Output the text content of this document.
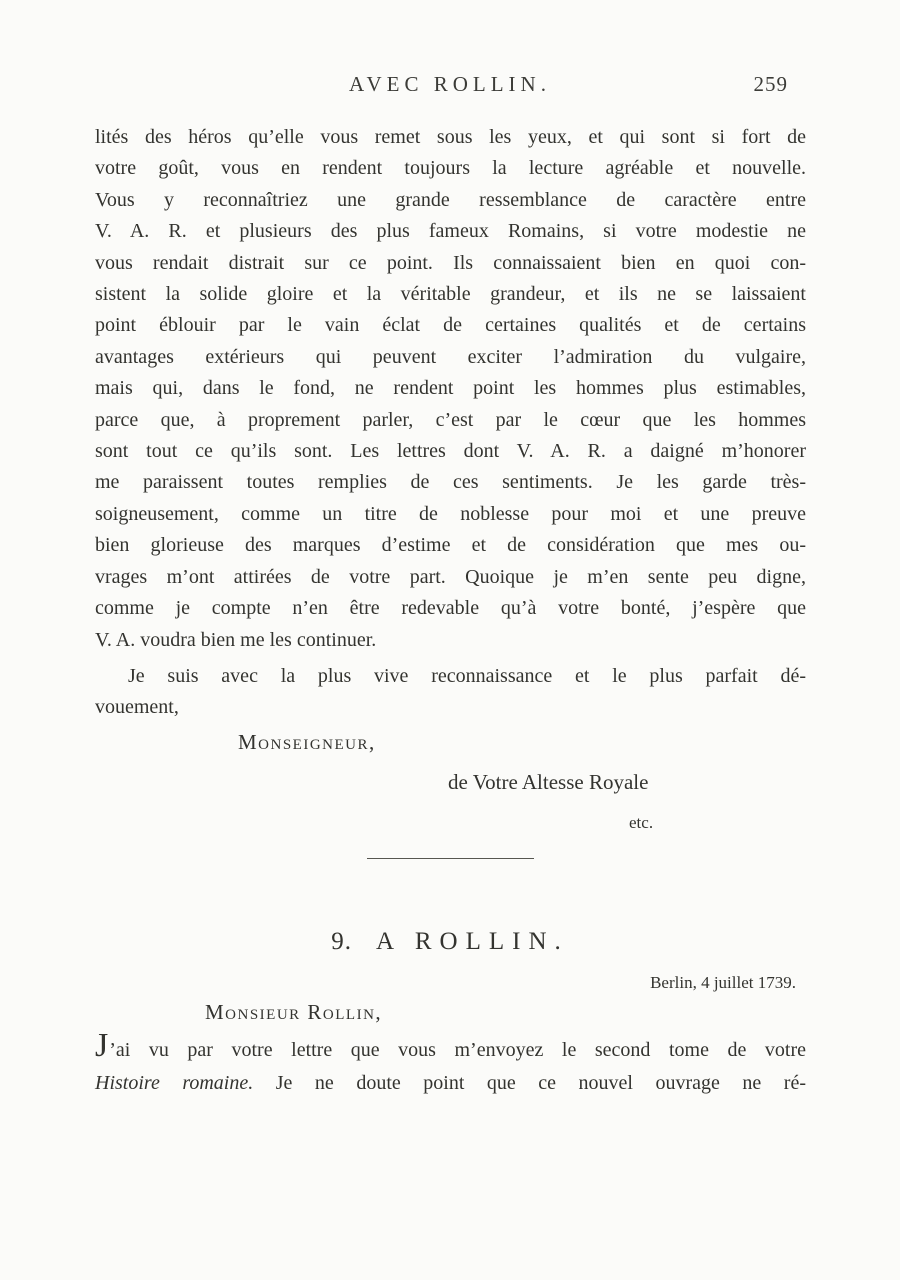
AVEC ROLLIN.	259
lités des héros qu’elle vous remet sous les yeux, et qui sont si fort de
votre goût, vous en rendent toujours la lecture agréable et nouvelle.
Vous y reconnaîtriez une grande ressemblance de caractère entre
V. A. R. et plusieurs des plus fameux Romains, si votre modestie ne
vous rendait distrait sur ce point. Ils connaissaient bien en quoi con-
sistent la solide gloire et la véritable grandeur, et ils ne se laissaient
point éblouir par le vain éclat de certaines qualités et de certains
avantages extérieurs qui peuvent exciter l’admiration du vulgaire,
mais qui, dans le fond, ne rendent point les hommes plus estimables,
parce que, à proprement parler, c’est par le cœur que les hommes
sont tout ce qu’ils sont. Les lettres dont V. A. R. a daigné m’honorer
me paraissent toutes remplies de ces sentiments. Je les garde très-
soigneusement, comme un titre de noblesse pour moi et une preuve
bien glorieuse des marques d’estime et de considération que mes ou-
vrages m’ont attirées de votre part. Quoique je m’en sente peu digne,
comme je compte n’en être redevable qu’à votre bonté, j’espère que
V. A. voudra bien me les continuer.
Je suis avec la plus vive reconnaissance et le plus parfait dé-
vouement,
Monseigneur,
de Votre Altesse Royale
etc.
9. A ROLLIN.
Berlin, 4 juillet 1739.
Monsieur Rollin,
J’ai vu par votre lettre que vous m’envoyez le second tome de votre
Histoire romaine. Je ne doute point que ce nouvel ouvrage ne ré-
